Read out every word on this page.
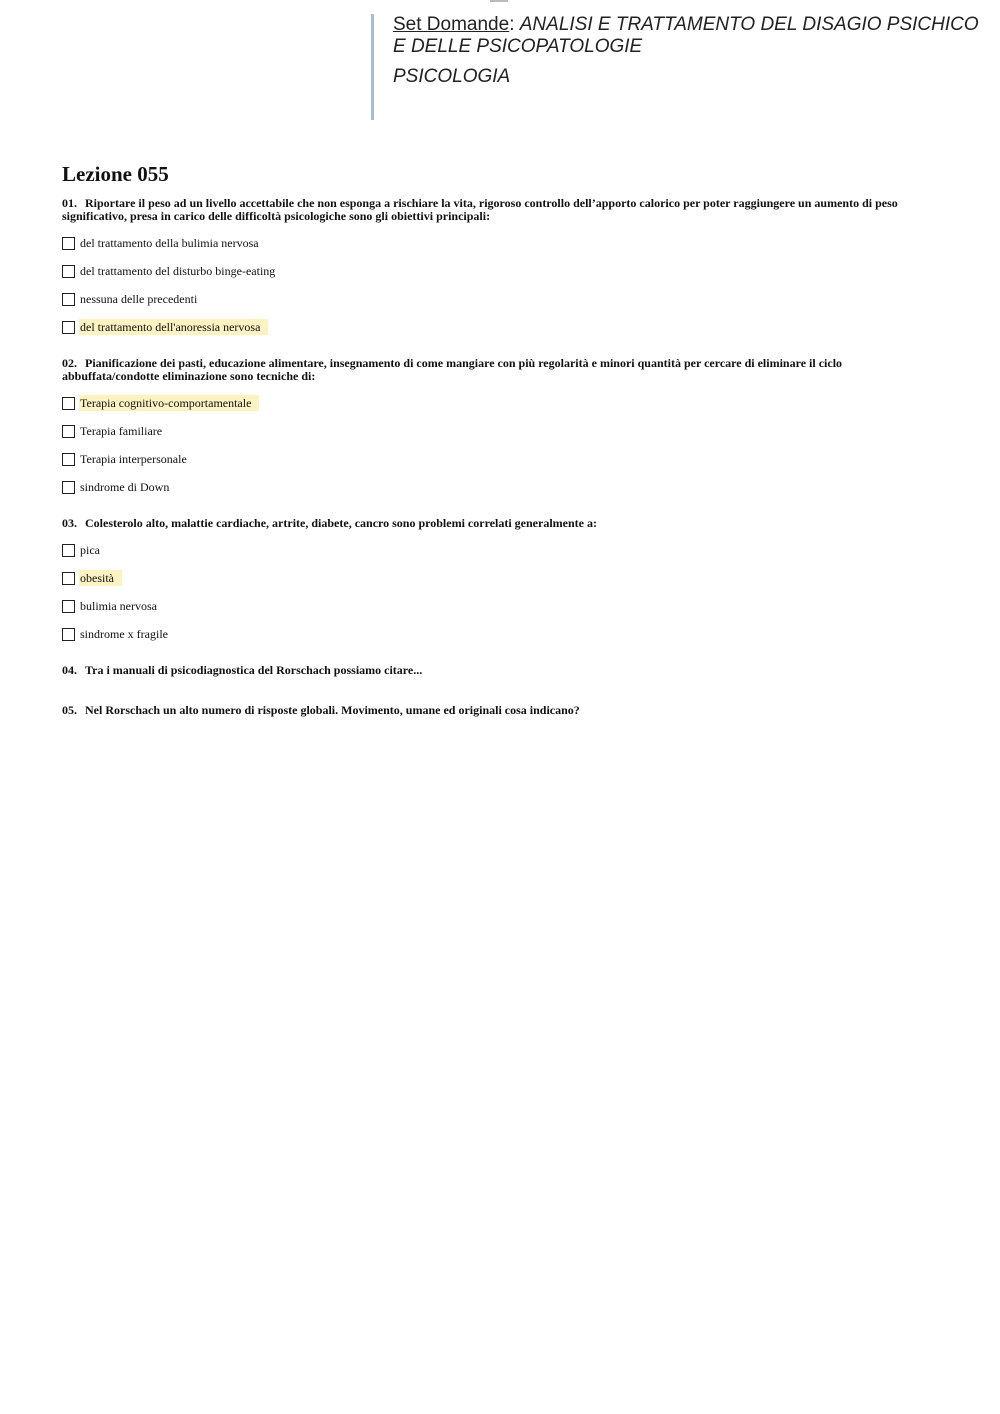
Set Domande: ANALISI E TRATTAMENTO DEL DISAGIO PSICHICO E DELLE PSICOPATOLOGIE
PSICOLOGIA
Lezione 055

01. Riportare il peso ad un livello accettabile che non esponga a rischiare la vita, rigoroso controllo dell’apporto calorico per poter raggiungere un aumento di peso significativo, presa in carico delle difficoltà psicologiche sono gli obiettivi principali:

del trattamento della bulimia nervosa
del trattamento del disturbo binge-eating
nessuna delle precedenti
del trattamento dell'anoressia nervosa

02. Pianificazione dei pasti, educazione alimentare, insegnamento di come mangiare con più regolarità e minori quantità per cercare di eliminare il ciclo abbuffata/condotte eliminazione sono tecniche di:

Terapia cognitivo-comportamentale
Terapia familiare
Terapia interpersonale
sindrome di Down

03. Colesterolo alto, malattie cardiache, artrite, diabete, cancro sono problemi correlati generalmente a:

pica
obesità
bulimia nervosa
sindrome x fragile

04. Tra i manuali di psicodiagnostica del Rorschach possiamo citare...

05. Nel Rorschach un alto numero di risposte globali. Movimento, umane ed originali cosa indicano?
